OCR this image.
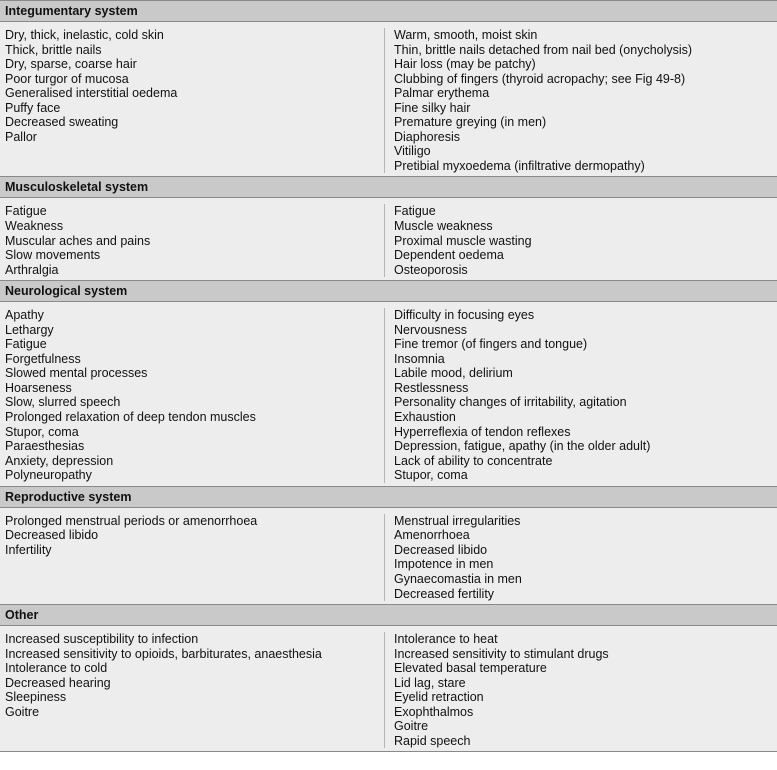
Integumentary system
Dry, thick, inelastic, cold skin
Thick, brittle nails
Dry, sparse, coarse hair
Poor turgor of mucosa
Generalised interstitial oedema
Puffy face
Decreased sweating
Pallor
Warm, smooth, moist skin
Thin, brittle nails detached from nail bed (onycholysis)
Hair loss (may be patchy)
Clubbing of fingers (thyroid acropachy; see Fig 49-8)
Palmar erythema
Fine silky hair
Premature greying (in men)
Diaphoresis
Vitiligo
Pretibial myxoedema (infiltrative dermopathy)
Musculoskeletal system
Fatigue
Weakness
Muscular aches and pains
Slow movements
Arthralgia
Fatigue
Muscle weakness
Proximal muscle wasting
Dependent oedema
Osteoporosis
Neurological system
Apathy
Lethargy
Fatigue
Forgetfulness
Slowed mental processes
Hoarseness
Slow, slurred speech
Prolonged relaxation of deep tendon muscles
Stupor, coma
Paraesthesias
Anxiety, depression
Polyneuropathy
Difficulty in focusing eyes
Nervousness
Fine tremor (of fingers and tongue)
Insomnia
Labile mood, delirium
Restlessness
Personality changes of irritability, agitation
Exhaustion
Hyperreflexia of tendon reflexes
Depression, fatigue, apathy (in the older adult)
Lack of ability to concentrate
Stupor, coma
Reproductive system
Prolonged menstrual periods or amenorrhoea
Decreased libido
Infertility
Menstrual irregularities
Amenorrhoea
Decreased libido
Impotence in men
Gynaecomastia in men
Decreased fertility
Other
Increased susceptibility to infection
Increased sensitivity to opioids, barbiturates, anaesthesia
Intolerance to cold
Decreased hearing
Sleepiness
Goitre
Intolerance to heat
Increased sensitivity to stimulant drugs
Elevated basal temperature
Lid lag, stare
Eyelid retraction
Exophthalmos
Goitre
Rapid speech
